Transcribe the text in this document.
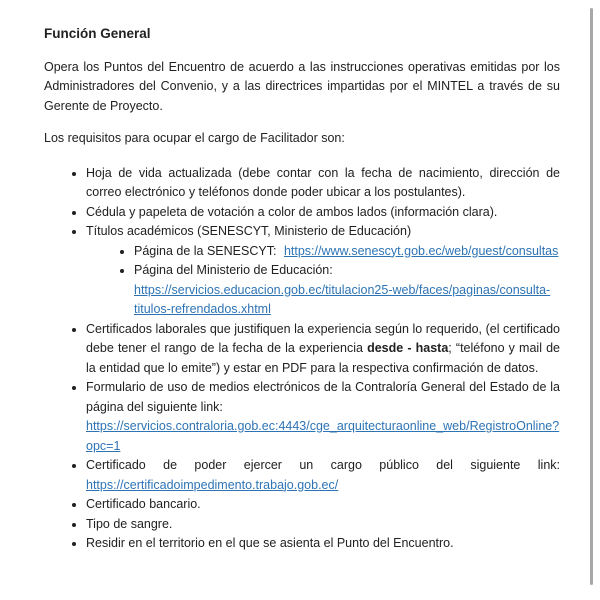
Función General

Opera los Puntos del Encuentro de acuerdo a las instrucciones operativas emitidas por los Administradores del Convenio, y a las directrices impartidas por el MINTEL a través de su Gerente de Proyecto.

Los requisitos para ocupar el cargo de Facilitador son:

• Hoja de vida actualizada (debe contar con la fecha de nacimiento, dirección de correo electrónico y teléfonos donde poder ubicar a los postulantes).
• Cédula y papeleta de votación a color de ambos lados (información clara).
• Títulos académicos (SENESCYT, Ministerio de Educación)
• Página de la SENESCYT: https://www.senescyt.gob.ec/web/guest/consultas
• Página del Ministerio de Educación:
https://servicios.educacion.gob.ec/titulacion25-web/faces/paginas/consulta-titulos-refrendados.xhtml
• Certificados laborales que justifiquen la experiencia según lo requerido, (el certificado debe tener el rango de la fecha de la experiencia desde - hasta; “teléfono y mail de la entidad que lo emite”) y estar en PDF para la respectiva confirmación de datos.
• Formulario de uso de medios electrónicos de la Contraloría General del Estado de la página del siguiente link:
https://servicios.contraloria.gob.ec:4443/cge_arquitecturaonline_web/RegistroOnline?opc=1
• Certificado de poder ejercer un cargo público del siguiente link: https://certificadoimpedimento.trabajo.gob.ec/
• Certificado bancario.
• Tipo de sangre.
• Residir en el territorio en el que se asienta el Punto del Encuentro.
